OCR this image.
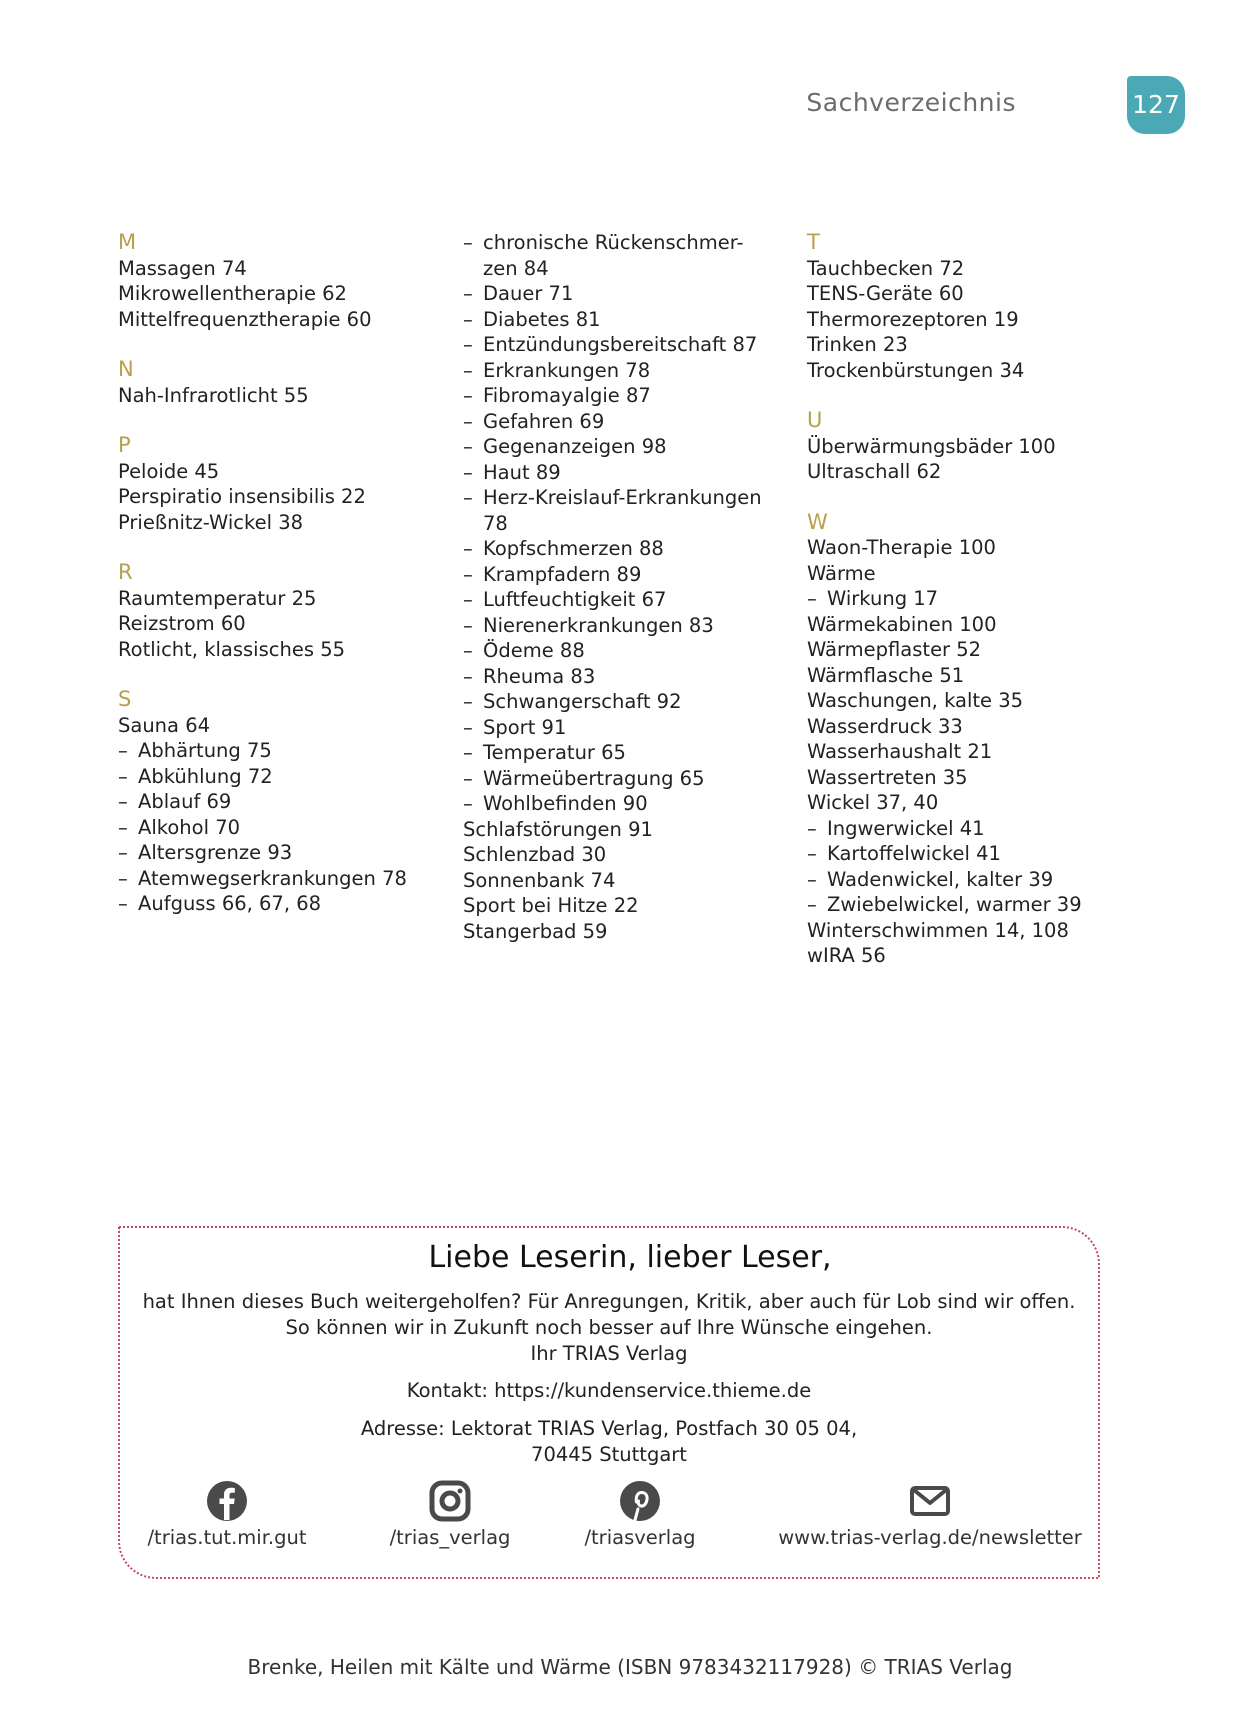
Sachverzeichnis	127
M
Massagen 74
Mikrowellentherapie 62
Mittelfrequenztherapie 60
N
Nah-Infrarotlicht 55
P
Peloide 45
Perspiratio insensibilis 22
Prießnitz-Wickel 38
R
Raumtemperatur 25
Reizstrom 60
Rotlicht, klassisches 55
S
Sauna 64
– Abhärtung 75
– Abkühlung 72
– Ablauf 69
– Alkohol 70
– Altersgrenze 93
– Atemwegserkrankungen 78
– Aufguss 66, 67, 68
– chronische Rückenschmer-
zen 84
– Dauer 71
– Diabetes 81
– Entzündungsbereitschaft 87
– Erkrankungen 78
– Fibromayalgie 87
– Gefahren 69
– Gegenanzeigen 98
– Haut 89
– Herz-Kreislauf-Erkrankungen
78
– Kopfschmerzen 88
– Krampfadern 89
– Luftfeuchtigkeit 67
– Nierenerkrankungen 83
– Ödeme 88
– Rheuma 83
– Schwangerschaft 92
– Sport 91
– Temperatur 65
– Wärmeübertragung 65
– Wohlbefinden 90
Schlafstörungen 91
Schlenzbad 30
Sonnenbank 74
Sport bei Hitze 22
Stangerbad 59
T
Tauchbecken 72
TENS-Geräte 60
Thermorezeptoren 19
Trinken 23
Trockenbürstungen 34
U
Überwärmungsbäder 100
Ultraschall 62
W
Waon-Therapie 100
Wärme
– Wirkung 17
Wärmekabinen 100
Wärmepflaster 52
Wärmflasche 51
Waschungen, kalte 35
Wasserdruck 33
Wasserhaushalt 21
Wassertreten 35
Wickel 37, 40
– Ingwerwickel 41
– Kartoffelwickel 41
– Wadenwickel, kalter 39
– Zwiebelwickel, warmer 39
Winterschwimmen 14, 108
wIRA 56
Liebe Leserin, lieber Leser,
hat Ihnen dieses Buch weitergeholfen? Für Anregungen, Kritik, aber auch für Lob sind wir offen.
So können wir in Zukunft noch besser auf Ihre Wünsche eingehen.
Ihr TRIAS Verlag
Kontakt: https://kundenservice.thieme.de
Adresse: Lektorat TRIAS Verlag, Postfach 30 05 04,
70445 Stuttgart
/trias.tut.mir.gut	/trias_verlag	/triasverlag	www.trias-verlag.de/newsletter
Brenke, Heilen mit Kälte und Wärme (ISBN 9783432117928) © TRIAS Verlag
